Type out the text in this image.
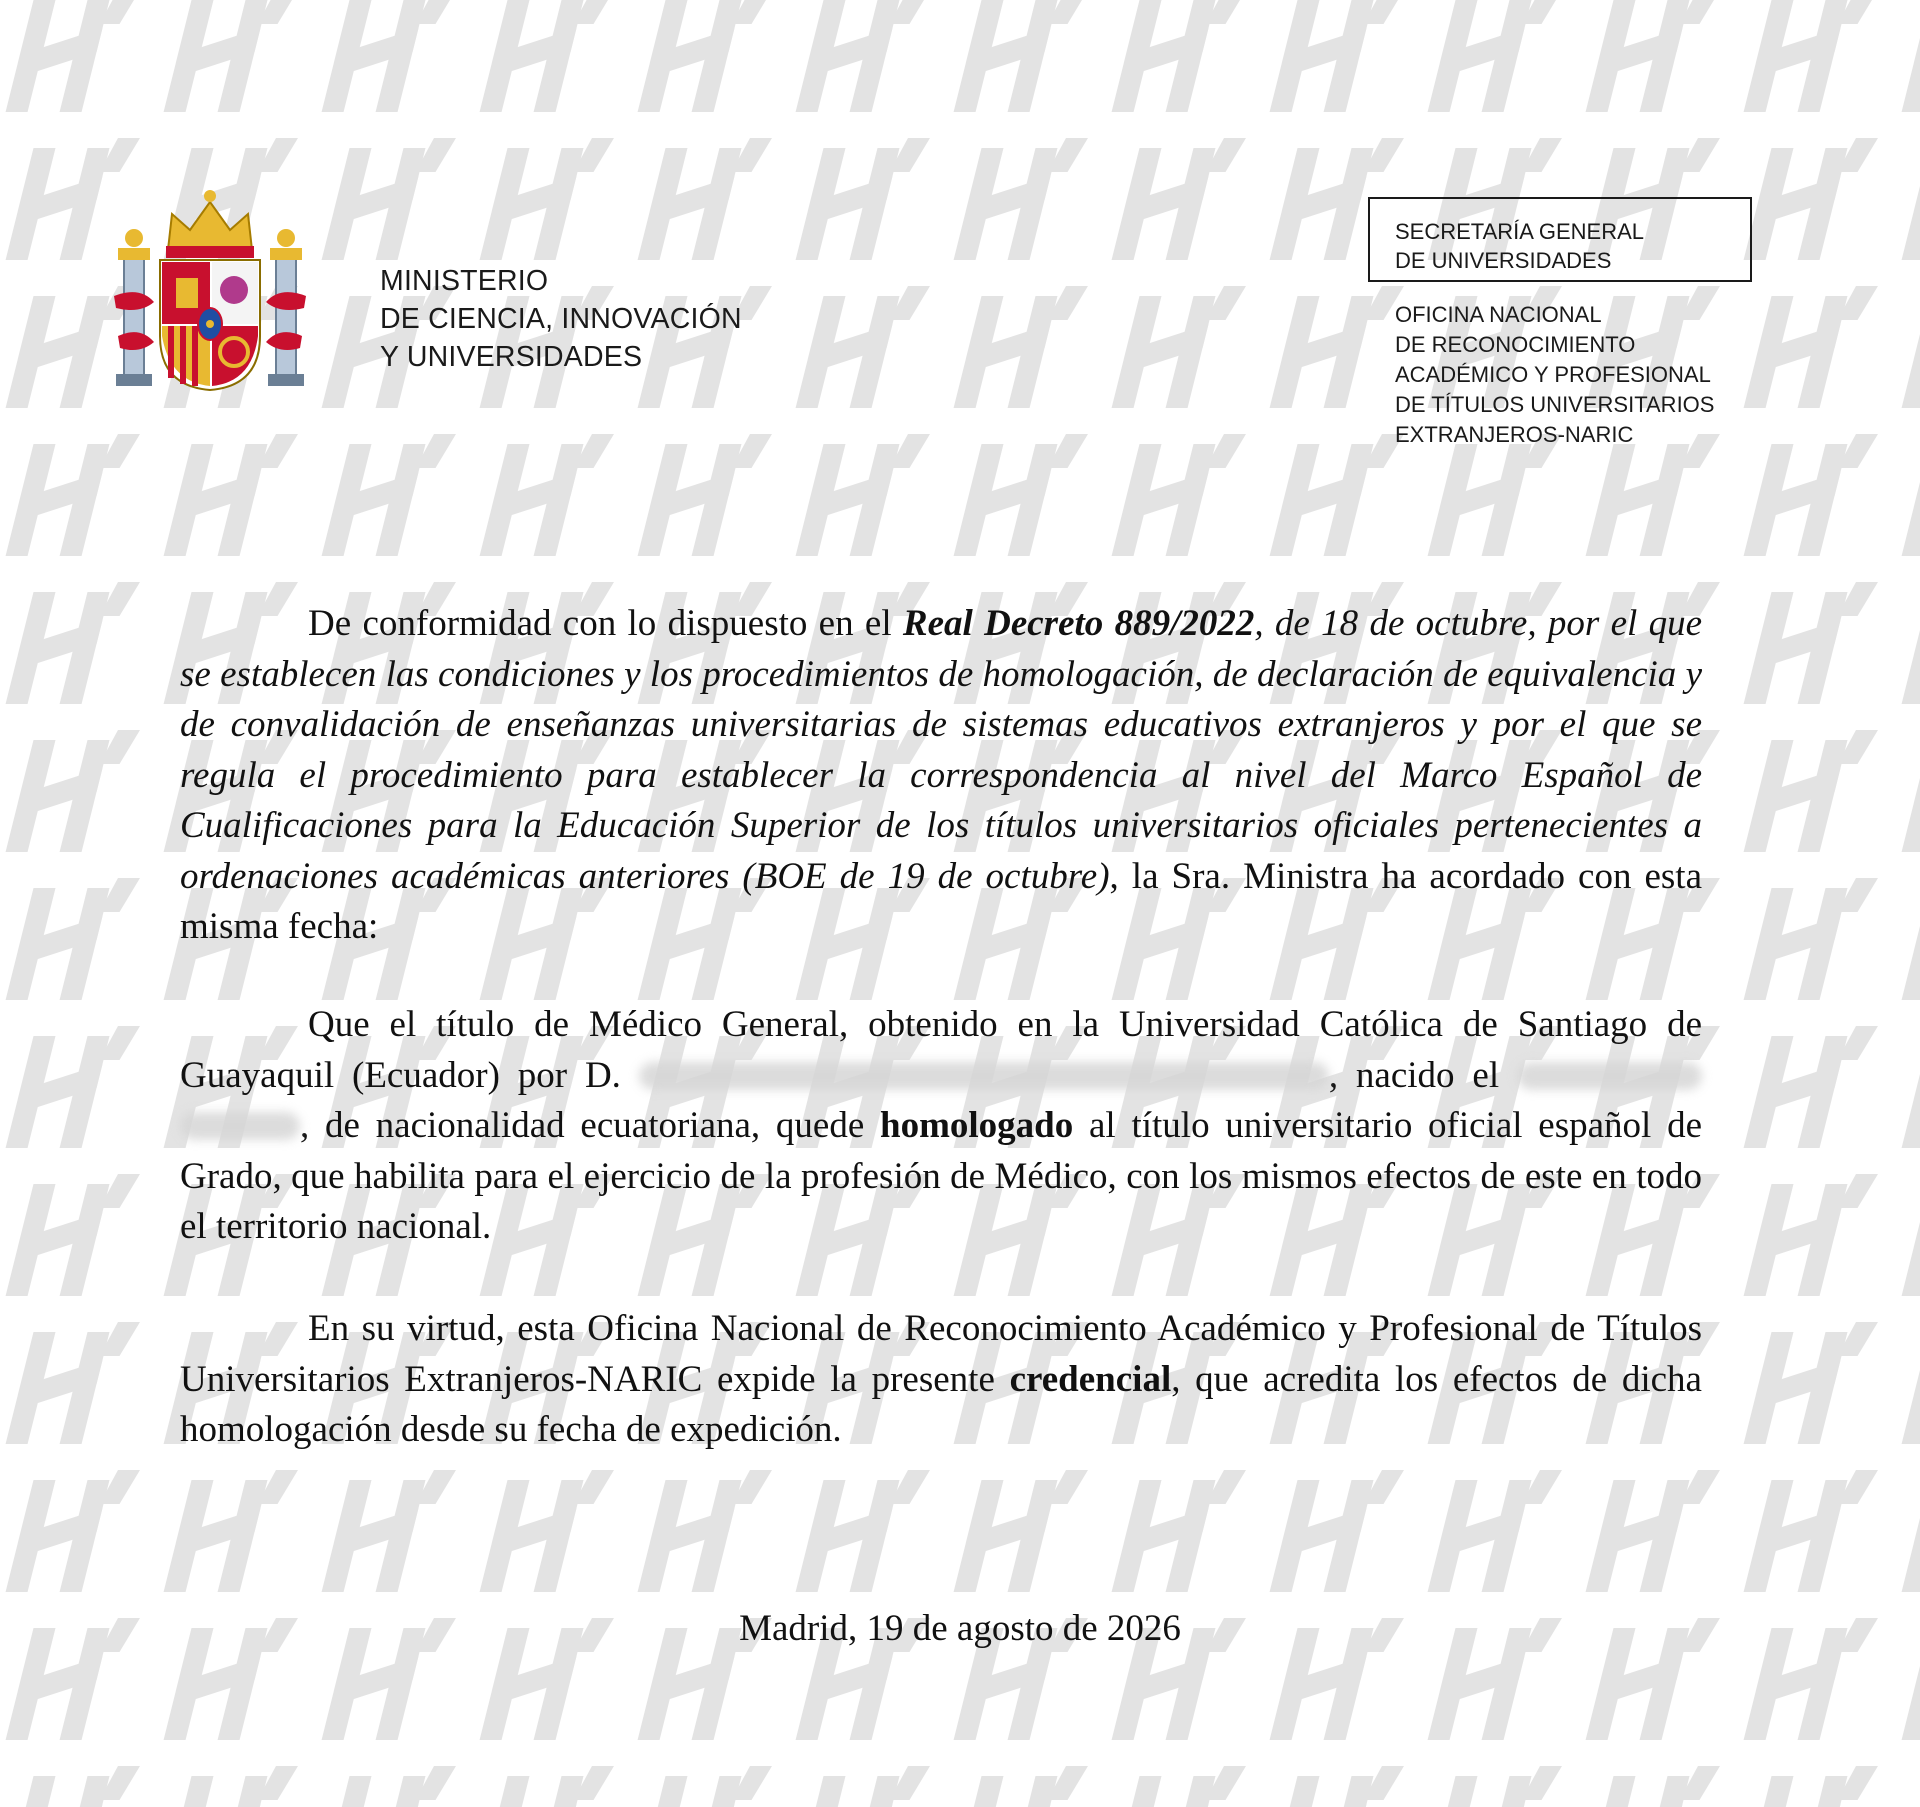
MINISTERIO
DE CIENCIA, INNOVACIÓN
Y UNIVERSIDADES
SECRETARÍA GENERAL
DE UNIVERSIDADES
OFICINA NACIONAL
DE RECONOCIMIENTO
ACADÉMICO Y PROFESIONAL
DE TÍTULOS UNIVERSITARIOS
EXTRANJEROS-NARIC

De conformidad con lo dispuesto en el Real Decreto 889/2022, de 18 de octubre, por el que se establecen las condiciones y los procedimientos de homologación, de declaración de equivalencia y de convalidación de enseñanzas universitarias de sistemas educativos extranjeros y por el que se regula el procedimiento para establecer la correspondencia al nivel del Marco Español de Cualificaciones para la Educación Superior de los títulos universitarios oficiales pertenecientes a ordenaciones académicas anteriores (BOE de 19 de octubre), la Sra. Ministra ha acordado con esta misma fecha:

Que el título de Médico General, obtenido en la Universidad Católica de Santiago de Guayaquil (Ecuador) por D.	, nacido el  , de nacionalidad ecuatoriana, quede homologado al título universitario oficial español de Grado, que habilita para el ejercicio de la profesión de Médico, con los mismos efectos de este en todo el territorio nacional.

En su virtud, esta Oficina Nacional de Reconocimiento Académico y Profesional de Títulos Universitarios Extranjeros-NARIC expide la presente credencial, que acredita los efectos de dicha homologación desde su fecha de expedición.

Madrid, 19 de agosto de 2026
